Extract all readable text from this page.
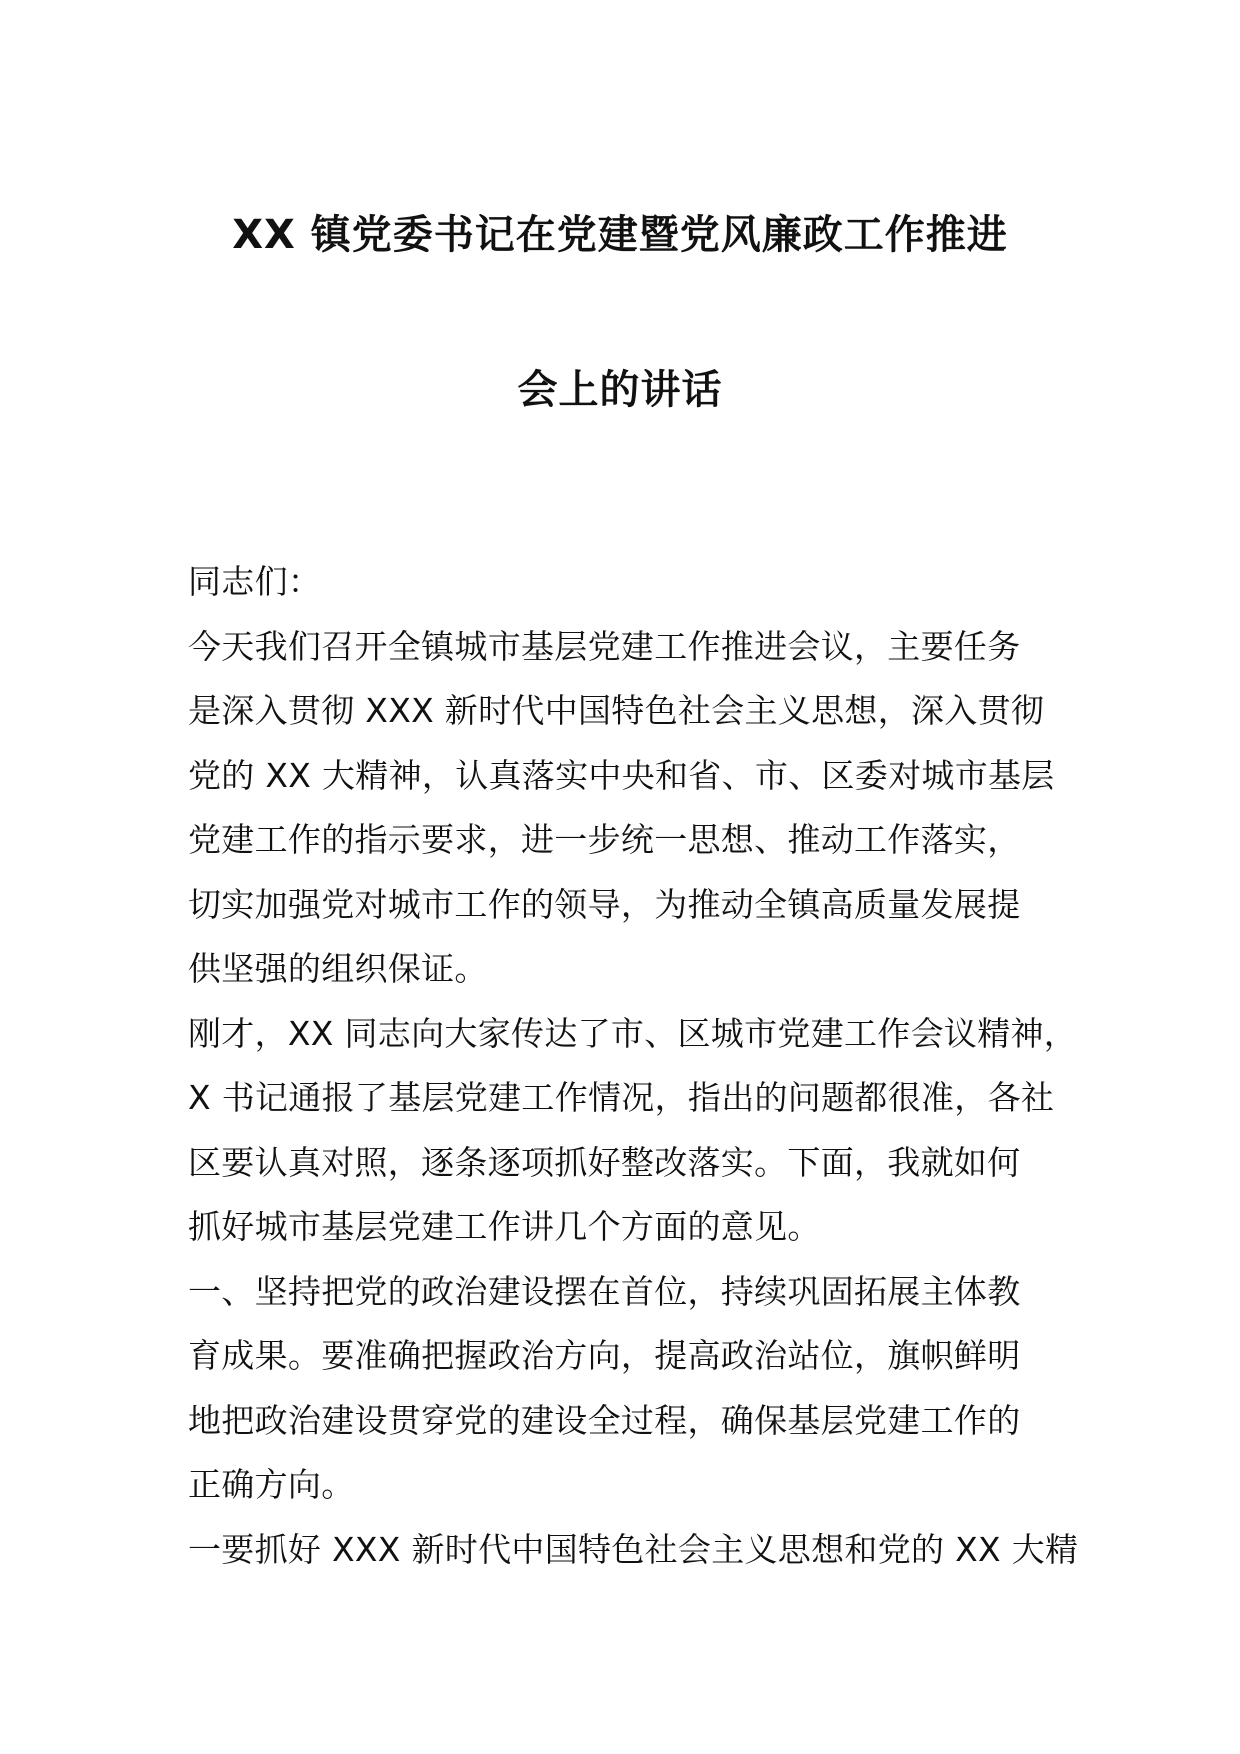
XX 镇党委书记在党建暨党风廉政工作推进
会上的讲话
同志们：
今天我们召开全镇城市基层党建工作推进会议，主要任务
是深入贯彻 XXX 新时代中国特色社会主义思想，深入贯彻
党的 XX 大精神，认真落实中央和省、市、区委对城市基层
党建工作的指示要求，进一步统一思想、推动工作落实，
切实加强党对城市工作的领导，为推动全镇高质量发展提
供坚强的组织保证。
刚才，XX 同志向大家传达了市、区城市党建工作会议精神，
X 书记通报了基层党建工作情况，指出的问题都很准，各社
区要认真对照，逐条逐项抓好整改落实。下面，我就如何
抓好城市基层党建工作讲几个方面的意见。
一、坚持把党的政治建设摆在首位，持续巩固拓展主体教
育成果。要准确把握政治方向，提高政治站位，旗帜鲜明
地把政治建设贯穿党的建设全过程，确保基层党建工作的
正确方向。
一要抓好 XXX 新时代中国特色社会主义思想和党的 XX 大精
